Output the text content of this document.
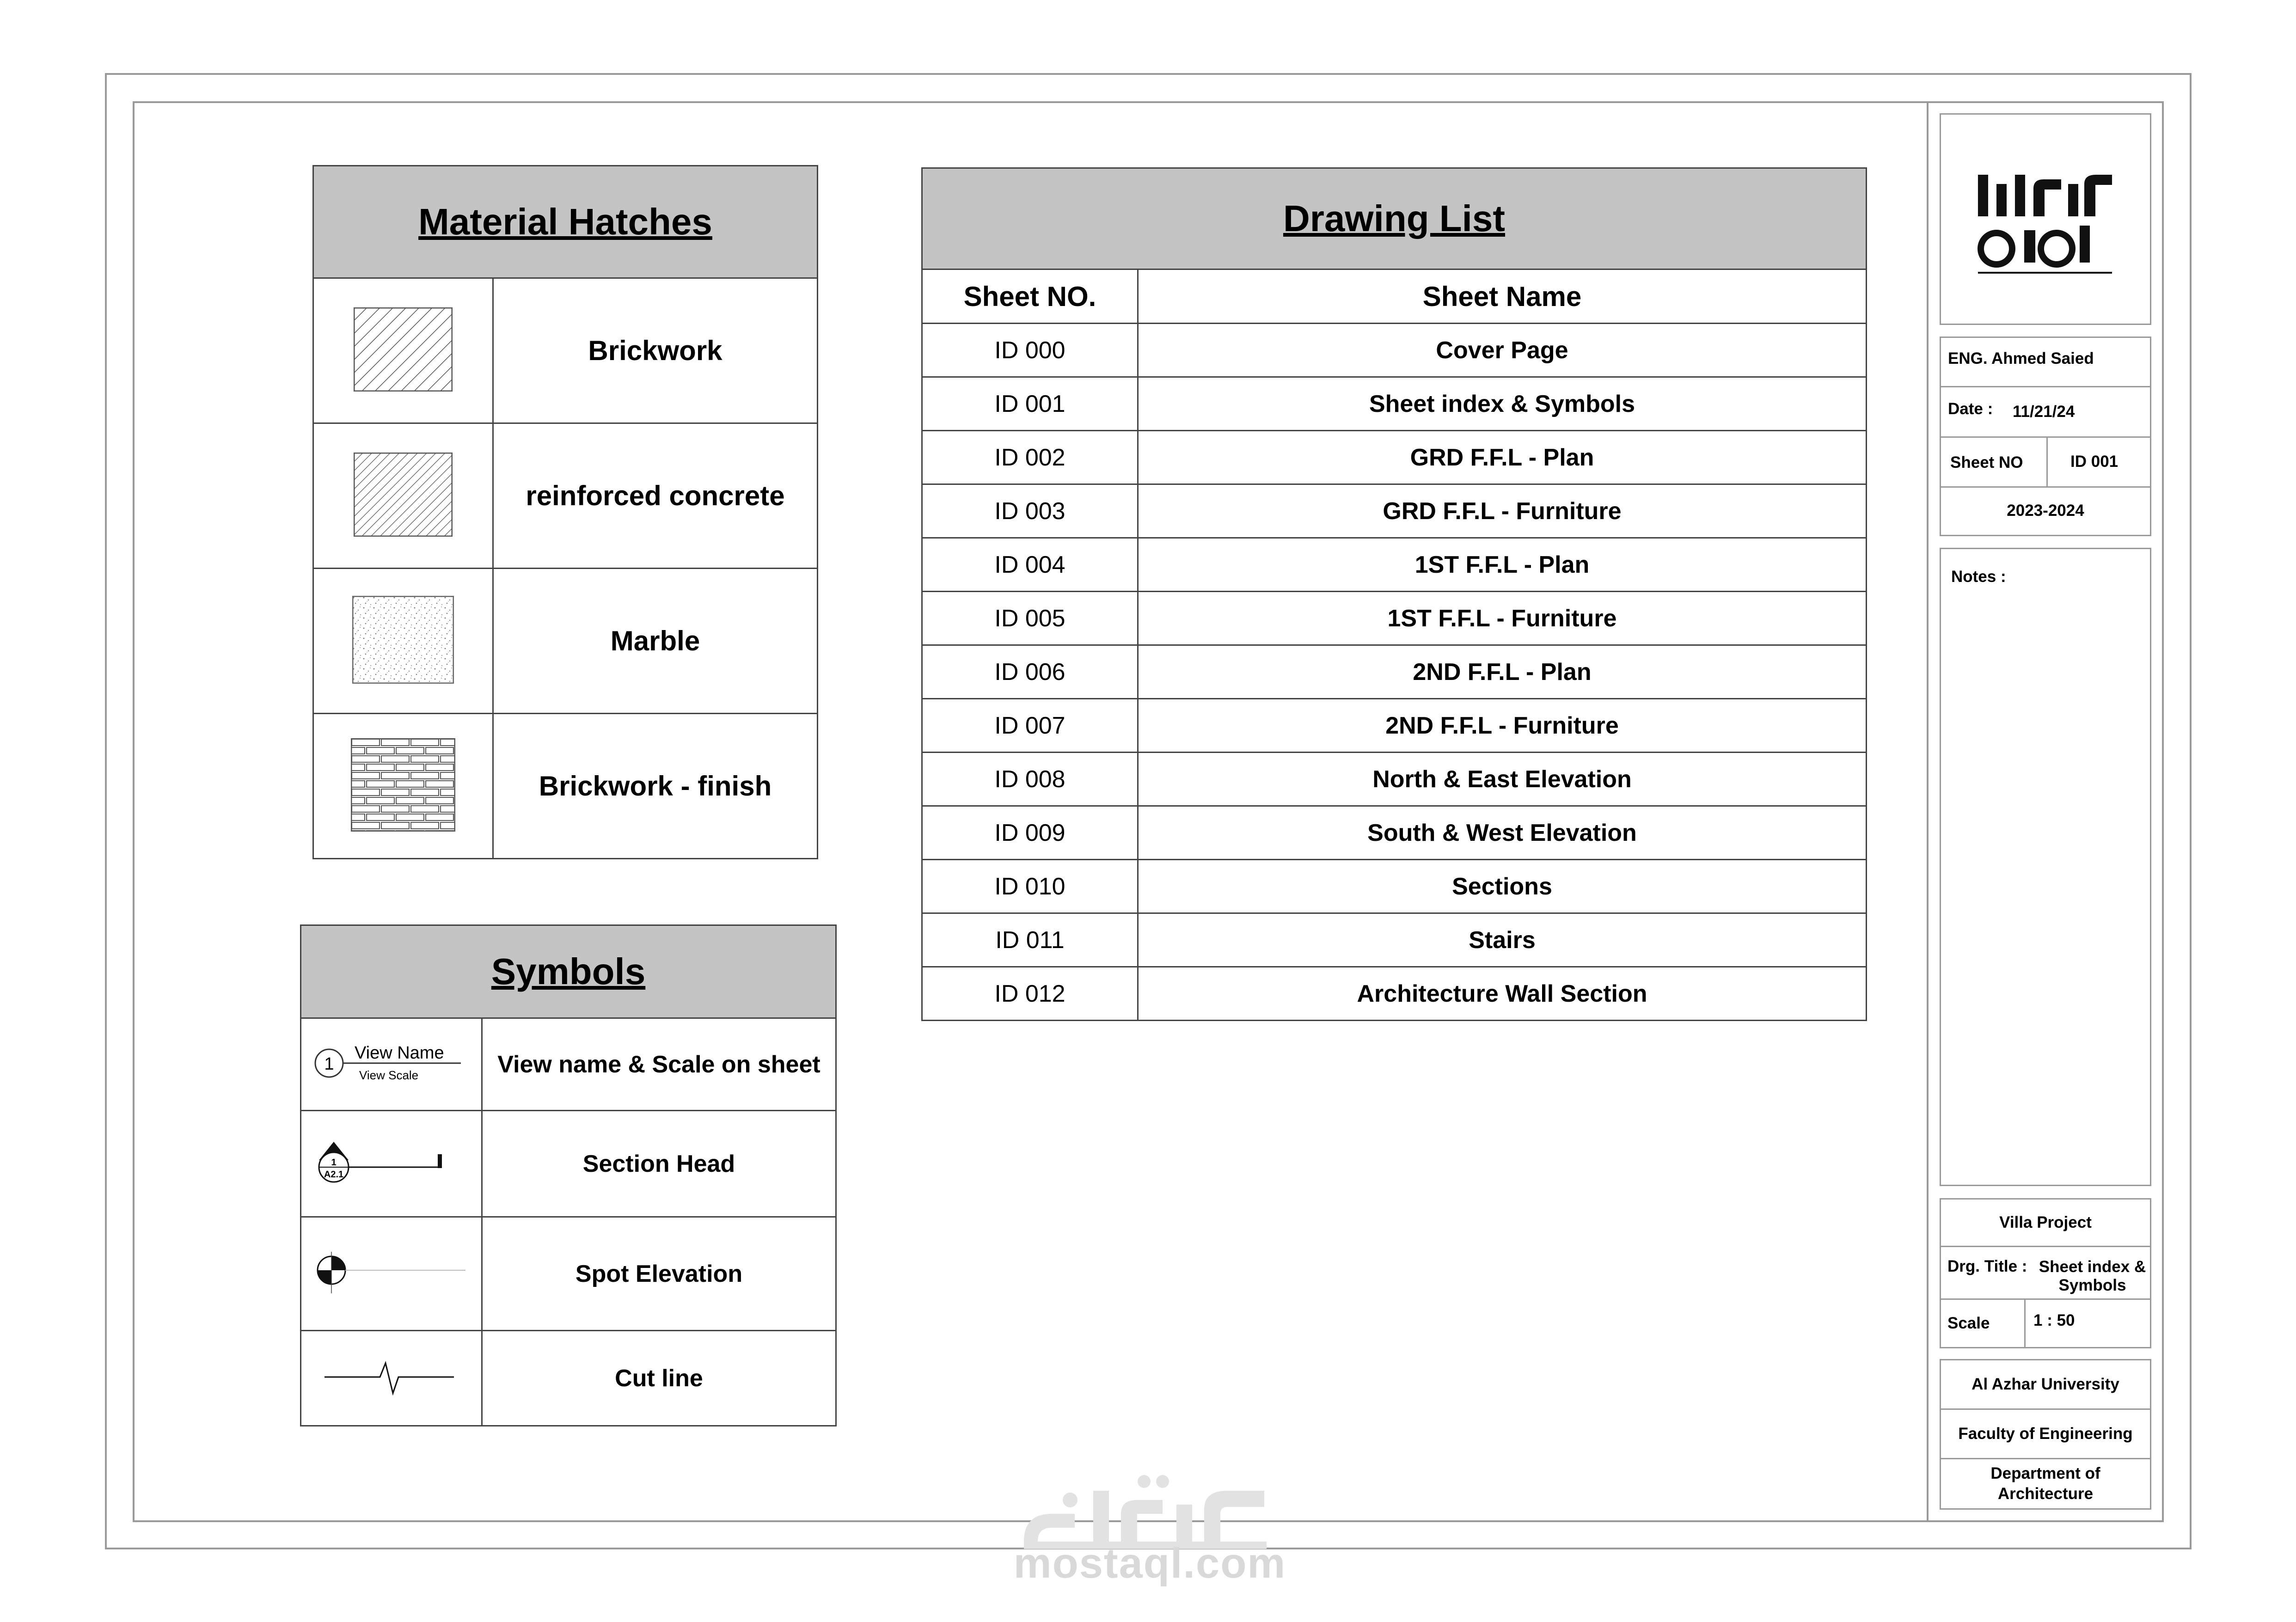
Material Hatches	
	Brickwork
	reinforced concrete
	Marble
	Brickwork - finish
Symbols	

1
View Name
View Scale	View name & Scale on sheet

1
A2.1	Section Head
	Spot Elevation
	Cut line
Drawing List	
Sheet NO.	Sheet Name
ID 000	Cover Page
ID 001	Sheet index & Symbols
ID 002	GRD F.F.L - Plan
ID 003	GRD F.F.L - Furniture
ID 004	1ST F.F.L - Plan
ID 005	1ST F.F.L - Furniture
ID 006	2ND F.F.L - Plan
ID 007	2ND F.F.L - Furniture
ID 008	North & East Elevation
ID 009	South & West Elevation
ID 010	Sections
ID 011	Stairs
ID 012	Architecture Wall Section
ENG. Ahmed Saied
Date : 11/21/24
Sheet NO	ID 001
2023-2024
Notes :
Villa Project
Drg. Title : Sheet index & Symbols
Scale	1 : 50
Al Azhar University
Faculty of Engineering
Department of Architecture
mostaql.com
